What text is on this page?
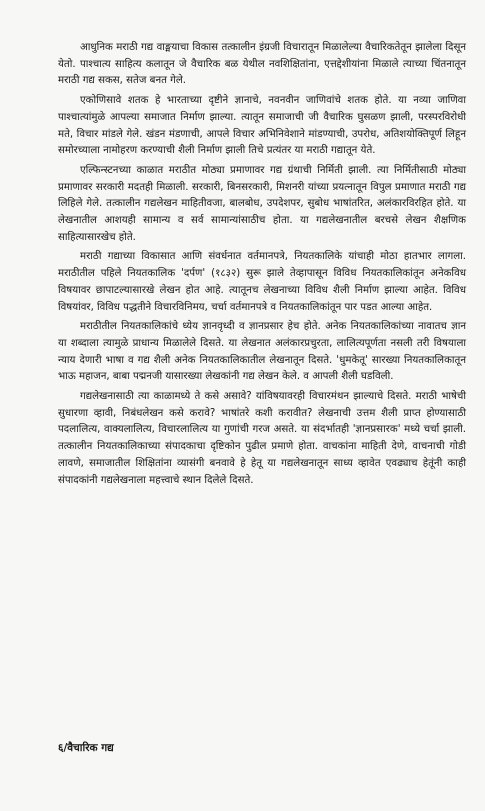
आधुनिक मराठी गद्य वाङ्मयाचा विकास तत्कालीन इंग्रजी विचारातून मिळालेल्या वैचारिकतेतून झालेला दिसून येतो. पाश्चात्य साहित्य कलातून जे वैचारिक बळ येथील नवशिक्षितांना, एत्तद्देशीयांना मिळाले त्याच्या चिंतनातून मराठी गद्य सकस, सतेज बनत गेले.

एकोणिसावे शतक हे भारताच्या दृष्टीने ज्ञानाचे, नवनवीन जाणिवांचे शतक होते. या नव्या जाणिवा पाश्चात्यांमुळे आपल्या समाजात निर्माण झाल्या. त्यातून समाजाची जी वैचारिक घुसळण झाली, परस्परविरोधी मते, विचार मांडले गेले. खंडन मंडणाची, आपले विचार अभिनिवेशाने मांडण्याची, उपरोध, अतिशयोक्तिपूर्ण लिहून समोरच्याला नामोहरण करण्याची शैली निर्माण झाली तिचे प्रत्यंतर या मराठी गद्यातून येते.

एल्फिन्स्टनच्या काळात मराठीत मोठ्या प्रमाणावर गद्य ग्रंथाची निर्मिती झाली. त्या निर्मितीसाठी मोठ्या प्रमाणावर सरकारी मदतही मिळाली. सरकारी, बिनसरकारी, मिशनरी यांच्या प्रयत्नातून विपुल प्रमाणात मराठी गद्य लिहिले गेले. तत्कालीन गद्यलेखन माहितीवजा, बालबोध, उपदेशपर, सुबोध भाषांतरित, अलंकारविरहित होते. या लेखनातील आशयही सामान्य व सर्व सामान्यांसाठीच होता. या गद्यलेखनातील बरचसे लेखन शैक्षणिक साहित्यासारखेच होते.

मराठी गद्याच्या विकासात आणि संवर्धनात वर्तमानपत्रे, नियतकालिके यांचाही मोठा हातभार लागला. मराठीतील पहिले नियतकालिक 'दर्पण' (१८३२) सुरू झाले तेव्हापासून विविध नियतकालिकांतून अनेकविध विषयावर छापाटल्यासारखे लेखन होत आहे. त्यातूनच लेखनाच्या विविध शैली निर्माण झाल्या आहेत. विविध विषयांवर, विविध पद्धतीने विचारविनिमय, चर्चा वर्तमानपत्रे व नियतकालिकांतून पार पडत आल्या आहेत.

मराठीतील नियतकालिकांचे ध्येय ज्ञानवृध्दी व ज्ञानप्रसार हेच होते. अनेक नियतकालिकांच्या नावातच ज्ञान या शब्दाला त्यामुळे प्राधान्य मिळालेले दिसते. या लेखनात अलंकारप्रचुरता, लालित्यपूर्णता नसली तरी विषयाला न्याय देणारी भाषा व गद्य शैली अनेक नियतकालिकातील लेखनातून दिसते. 'धुमकेतू' सारख्या नियतकालिकातून भाऊ महाजन, बाबा पद्मनजी यासारख्या लेखकांनी गद्य लेखन केले. व आपली शैली घडविली.

गद्यलेखनासाठी त्या काळामध्ये ते कसे असावे? यांविषयावरही विचारमंथन झाल्याचे दिसते. मराठी भाषेची सुधारणा व्हावी, निबंधलेखन कसे करावे? भाषांतरे कशी करावीत? लेखनाची उत्तम शैली प्राप्त होण्यासाठी पदलालित्य, वाक्यलालित्य, विचारलालित्य या गुणांची गरज असते. या संदर्भातही 'ज्ञानप्रसारक' मध्ये चर्चा झाली. तत्कालीन नियतकालिकाच्या संपादकाचा दृष्टिकोन पुढील प्रमाणे होता. वाचकांना माहिती देणे, वाचनाची गोडी लावणे, समाजातील शिक्षितांना व्यासंगी बनवावे हे हेतू या गद्यलेखनातून साध्य व्हावेत एवढ्याच हेतूंनी काही संपादकांनी गद्यलेखनाला महत्त्वाचे स्थान दिलेले दिसते.

६/वैचारिक गद्य
